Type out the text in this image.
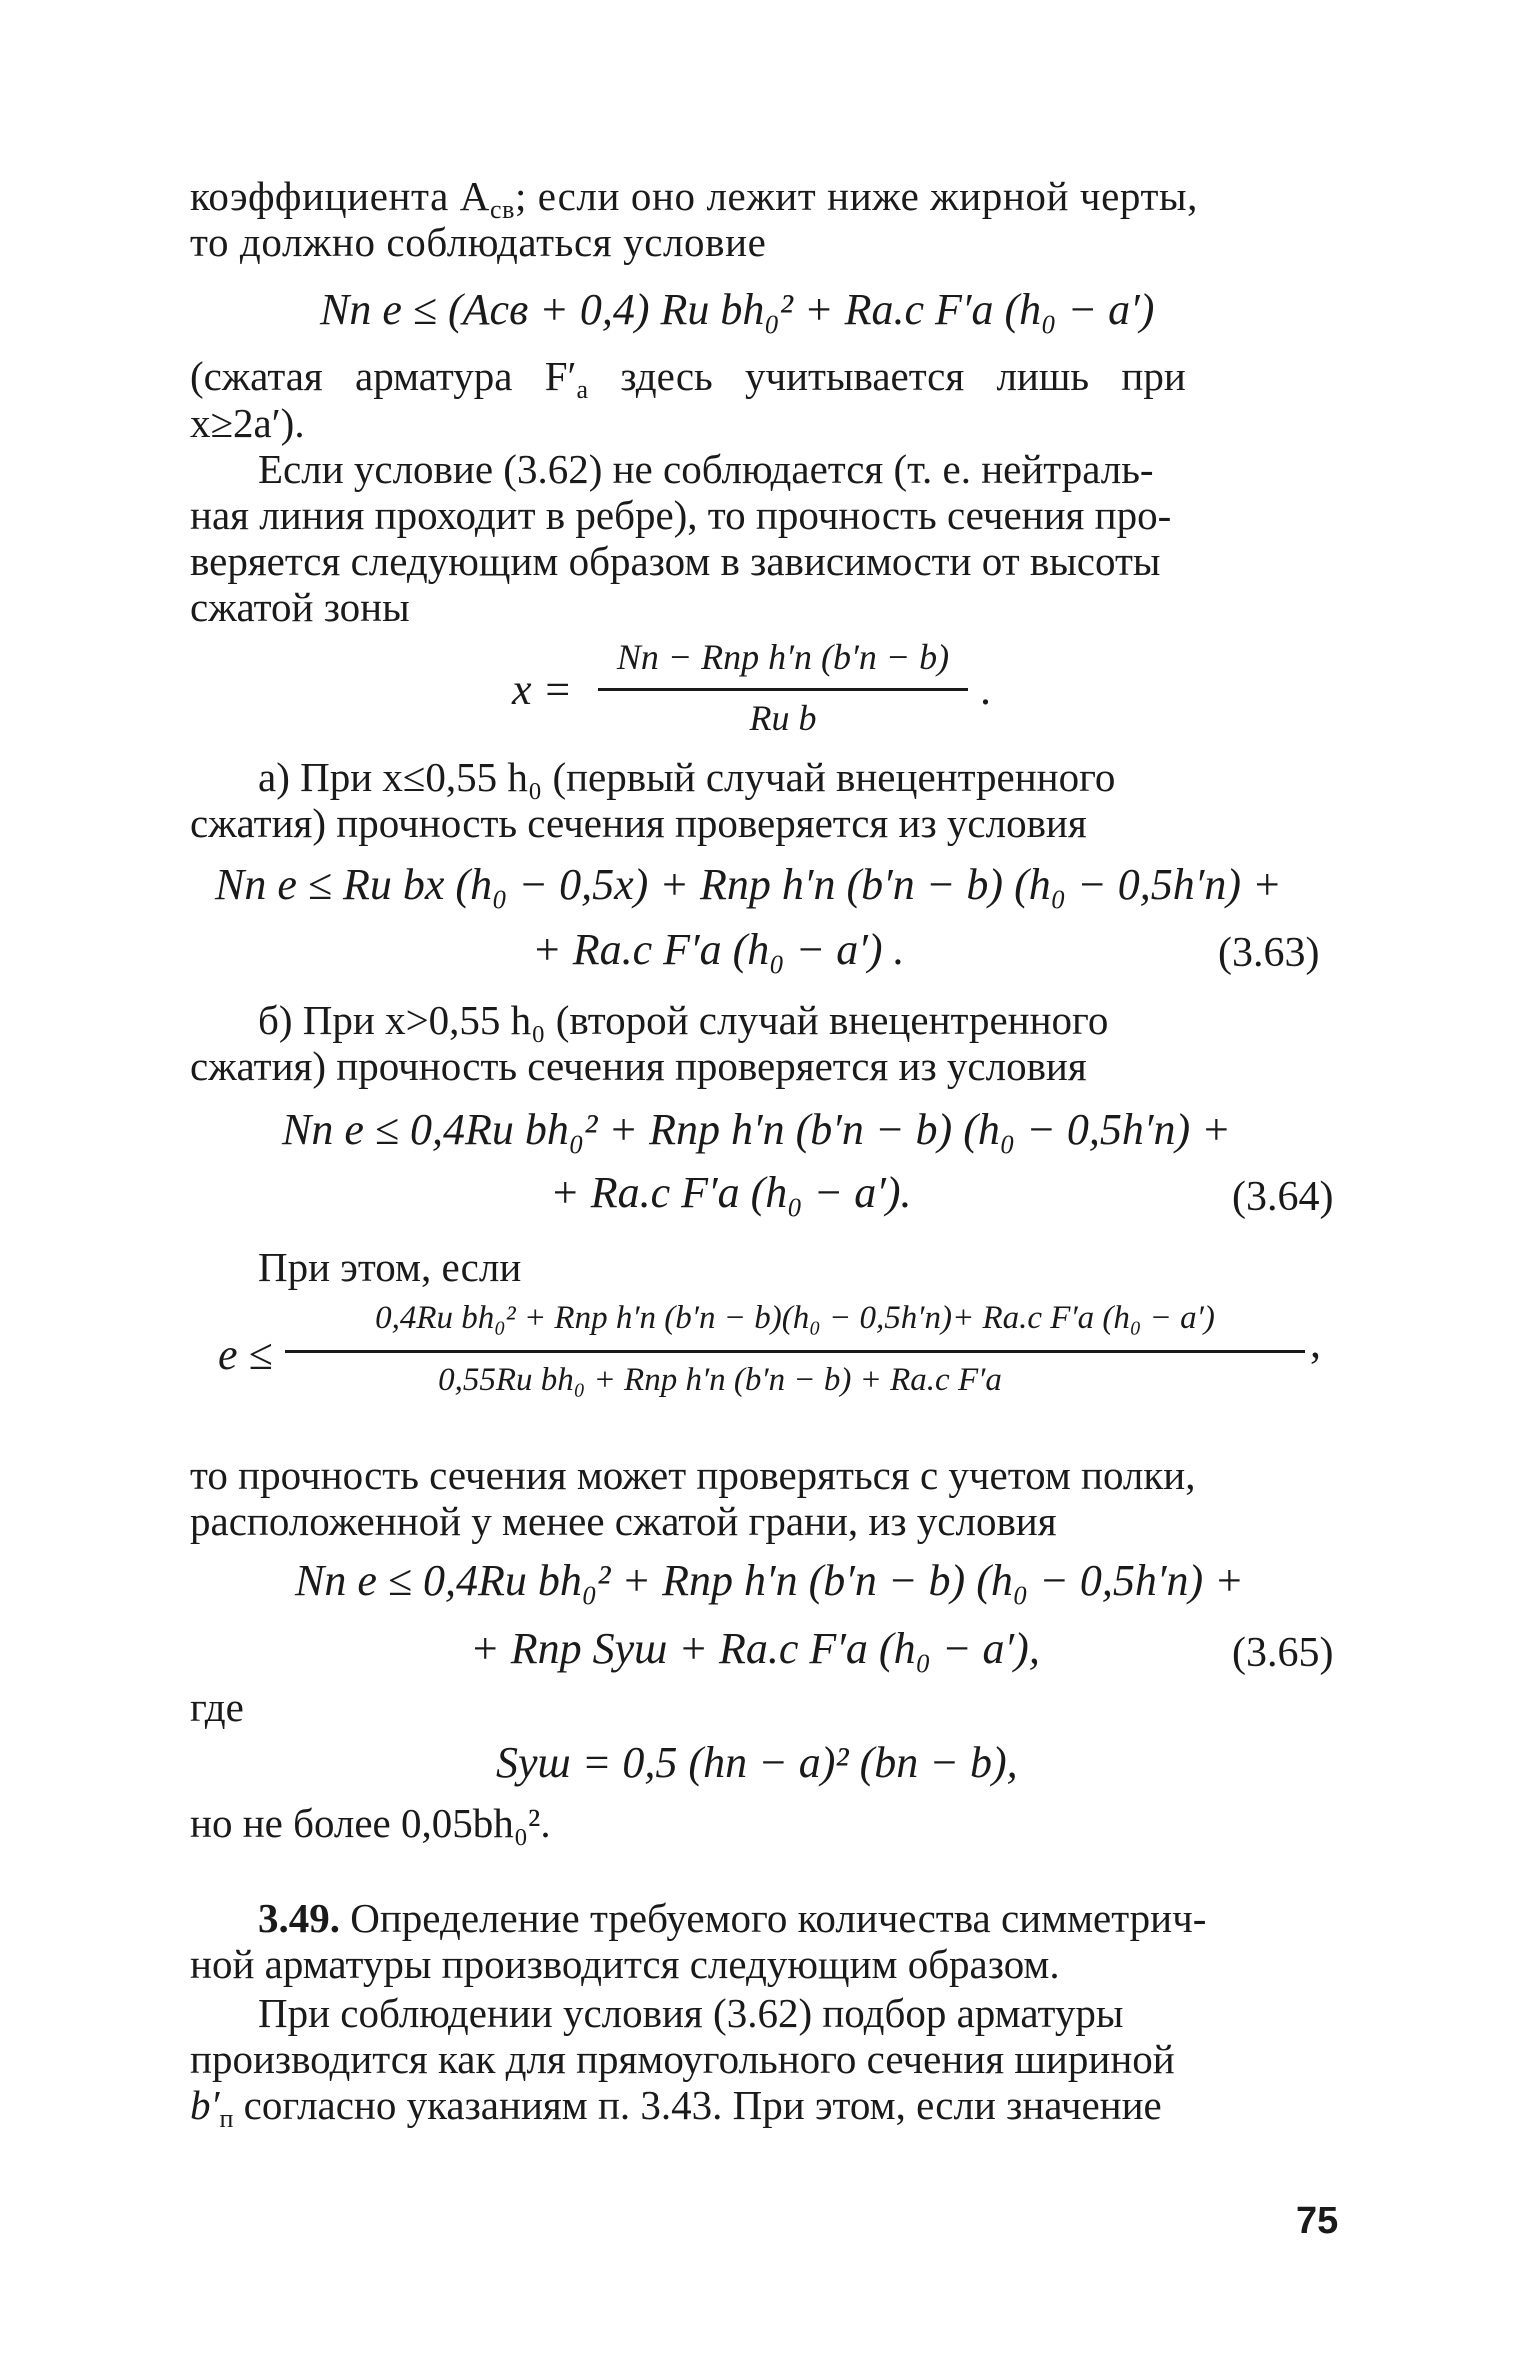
коэффициента $A_{св}$; если оно лежит ниже жирной черты,
то должно соблюдаться условие
Nп e ≤ (Aсв + 0,4) Rи bh₀² + Rа.с F′а (h₀ − a′)
(сжатая арматура $F'_а$ здесь учитывается лишь при
x≥2a′).
Если условие (3.62) не соблюдается (т. е. нейтраль-
ная линия проходит в ребре), то прочность сечения про-
веряется следующим образом в зависимости от высоты
сжатой зоны
x =
Nп − Rпр h′п (b′п − b)
Rи b
.
а) При x≤0,55 h₀ (первый случай внецентренного
сжатия) прочность сечения проверяется из условия
Nп e ≤ Rи bx (h₀ − 0,5x) + Rпр h′п (b′п − b) (h₀ − 0,5h′п) +
+ Rа.с F′а (h₀ − a′) .	(3.63)
б) При x>0,55 h₀ (второй случай внецентренного
сжатия) прочность сечения проверяется из условия
Nп e ≤ 0,4Rи bh₀² + Rпр h′п (b′п − b) (h₀ − 0,5h′п) +
+ Rа.с F′а (h₀ − a′).	(3.64)
При этом, если
e ≤
0,4Rи bh₀² + Rпр h′п (b′п − b)(h₀ − 0,5h′п)+ Rа.с F′а (h₀ − a′)
0,55Rи bh₀ + Rпр h′п (b′п − b) + Rа.с F′а
,
то прочность сечения может проверяться с учетом полки,
расположенной у менее сжатой грани, из условия
Nп e ≤ 0,4Rи bh₀² + Rпр h′п (b′п − b) (h₀ − 0,5h′п) +
+ Rпр Sуш + Rа.с F′а (h₀ − a′),	(3.65)
где
Sуш = 0,5 (hп − a)² (bп − b),
но не более 0,05bh₀².
3.49. Определение требуемого количества симметрич-
ной арматуры производится следующим образом.
При соблюдении условия (3.62) подбор арматуры
производится как для прямоугольного сечения шириной
$b'_п$ согласно указаниям п. 3.43. При этом, если значение
75
